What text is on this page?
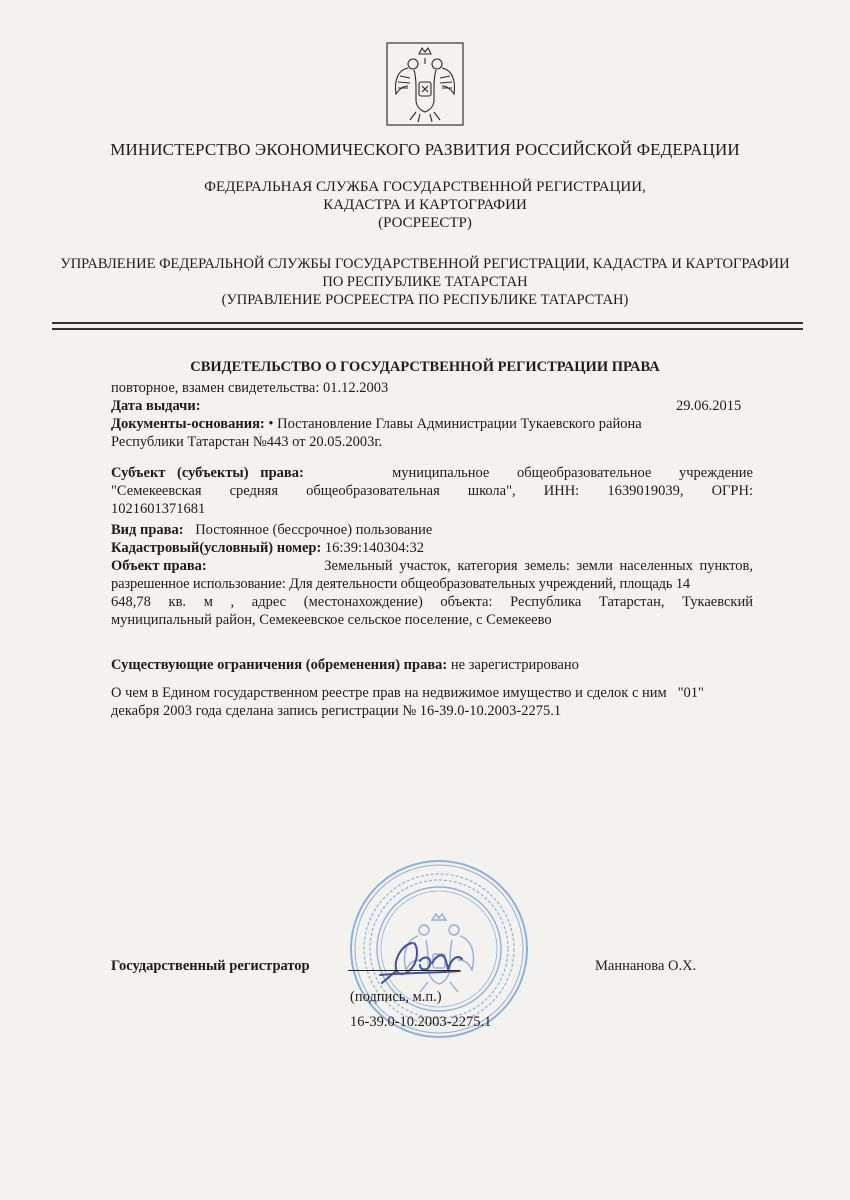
МИНИСТЕРСТВО ЭКОНОМИЧЕСКОГО РАЗВИТИЯ РОССИЙСКОЙ ФЕДЕРАЦИИ
ФЕДЕРАЛЬНАЯ СЛУЖБА ГОСУДАРСТВЕННОЙ РЕГИСТРАЦИИ,
КАДАСТРА И КАРТОГРАФИИ
(РОСРЕЕСТР)
УПРАВЛЕНИЕ ФЕДЕРАЛЬНОЙ СЛУЖБЫ ГОСУДАРСТВЕННОЙ РЕГИСТРАЦИИ, КАДАСТРА И КАРТОГРАФИИ
ПО РЕСПУБЛИКЕ ТАТАРСТАН
(УПРАВЛЕНИЕ РОСРЕЕСТРА ПО РЕСПУБЛИКЕ ТАТАРСТАН)
СВИДЕТЕЛЬСТВО О ГОСУДАРСТВЕННОЙ РЕГИСТРАЦИИ ПРАВА
повторное, взамен свидетельства: 01.12.2003
Дата выдачи:	29.06.2015
Документы-основания: • Постановление Главы Администрации Тукаевского района
Республики Татарстан №443 от 20.05.2003г.
Субъект (субъекты) права:	муниципальное общеобразовательное учреждение
"Семекеевская средняя общеобразовательная школа", ИНН: 1639019039, ОГРН:
1021601371681
Вид права: Постоянное (бессрочное) пользование
Кадастровый(условный) номер: 16:39:140304:32
Объект права:	Земельный участок, категория земель: земли населенных пунктов,
разрешенное использование: Для деятельности общеобразовательных учреждений, площадь 14
648,78 кв. м , адрес (местонахождение) объекта: Республика Татарстан, Тукаевский
муниципальный район, Семекеевское сельское поселение, с Семекеево
Существующие ограничения (обременения) права: не зарегистрировано
О чем в Едином государственном реестре прав на недвижимое имущество и сделок с ним   "01"
декабря 2003 года сделана запись регистрации № 16-39.0-10.2003-2275.1
Государственный регистратор	Маннанова О.Х.
(подпись, м.п.)
16-39.0-10.2003-2275.1
